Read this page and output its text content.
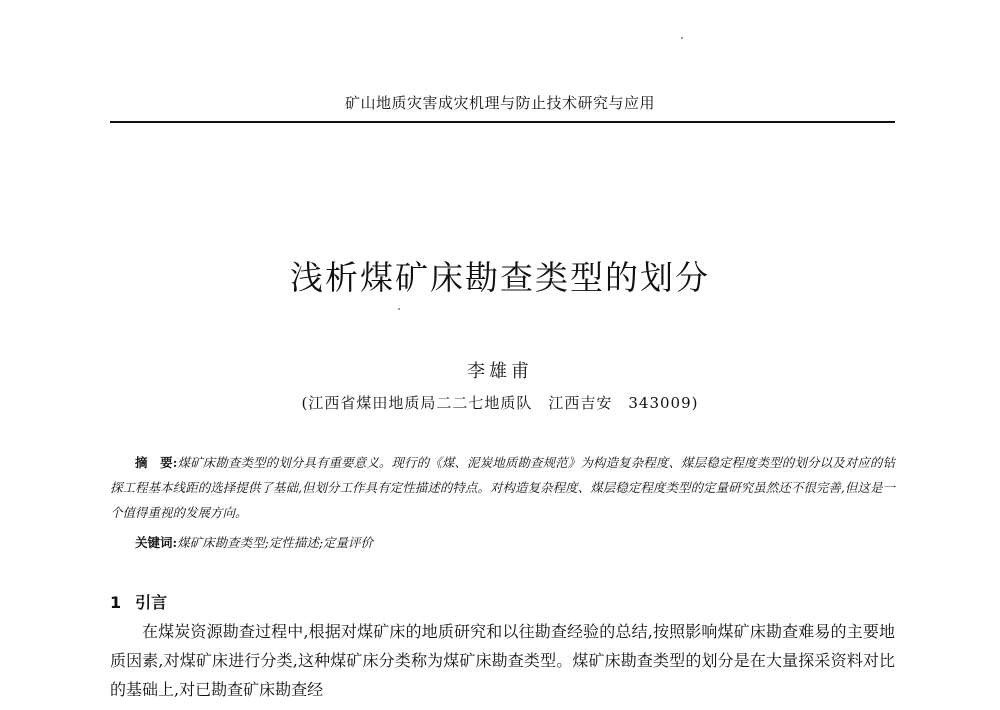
矿山地质灾害成灾机理与防止技术研究与应用
浅析煤矿床勘查类型的划分
李雄甫
(江西省煤田地质局二二七地质队　江西吉安　343009)
摘　要:煤矿床勘查类型的划分具有重要意义。现行的《煤、泥炭地质勘查规范》为构造复杂程度、煤层稳定程度类型的划分以及对应的钻探工程基本线距的选择提供了基础,但划分工作具有定性描述的特点。对构造复杂程度、煤层稳定程度类型的定量研究虽然还不很完善,但这是一个值得重视的发展方向。
关键词:煤矿床勘查类型;定性描述;定量评价
1 引言
在煤炭资源勘查过程中,根据对煤矿床的地质研究和以往勘查经验的总结,按照影响煤矿床勘查难易的主要地质因素,对煤矿床进行分类,这种煤矿床分类称为煤矿床勘查类型。煤矿床勘查类型的划分是在大量探采资料对比的基础上,对已勘查矿床勘查经
